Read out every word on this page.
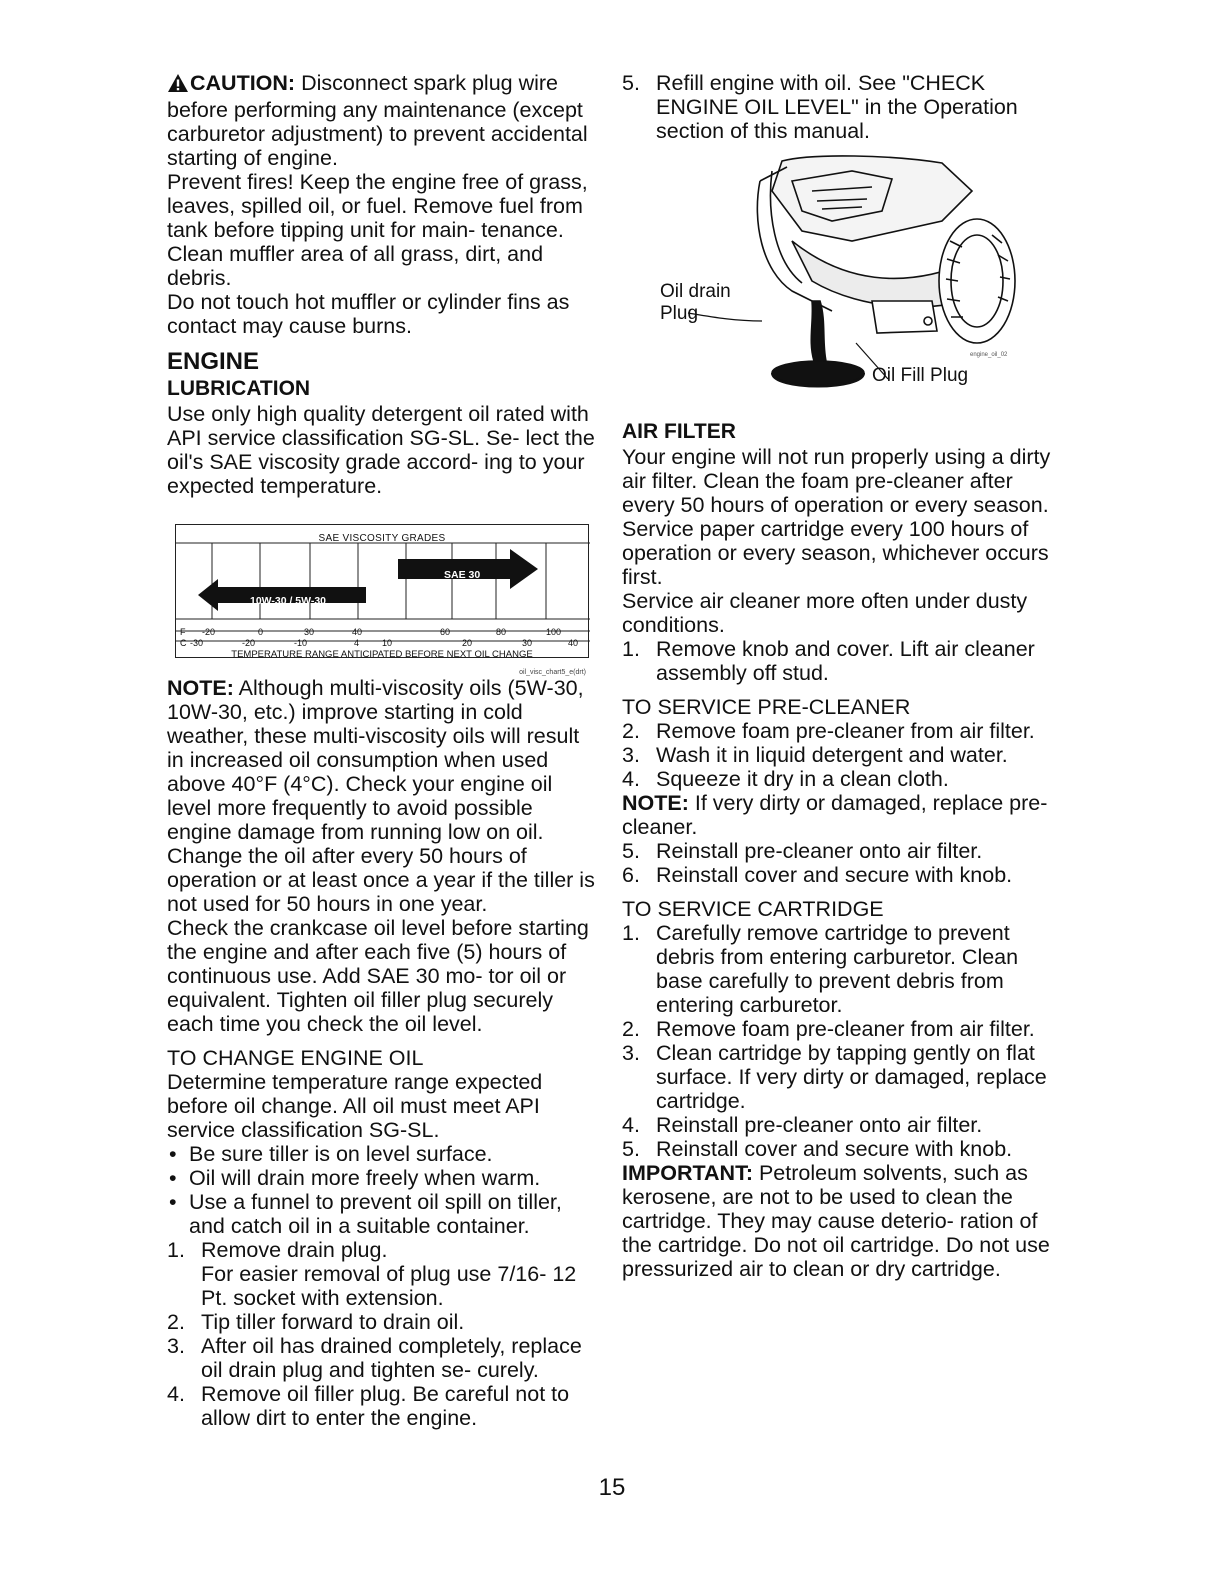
CAUTION: Disconnect spark plug wire before performing any maintenance (except carburetor adjustment) to prevent accidental starting of engine.

Prevent fires! Keep the engine free of grass, leaves, spilled oil, or fuel. Remove fuel from tank before tipping unit for main- tenance. Clean muffler area of all grass, dirt, and debris.

Do not touch hot muffler or cylinder fins as contact may cause burns.

ENGINE

LUBRICATION

Use only high quality detergent oil rated with API service classification SG-SL. Se- lect the oil's SAE viscosity grade accord- ing to your expected temperature.

SAE VISCOSITY GRADES
SAE 30
10W-30 / 5W-30
F -20	0	30	40	60	80	100
C -30	-20	-10	4	10	20	30	40
TEMPERATURE RANGE ANTICIPATED BEFORE NEXT OIL CHANGE
oil_visc_chart5_e(drt)

NOTE: Although multi-viscosity oils (5W-30, 10W-30, etc.) improve starting in cold weather, these multi-viscosity oils will result in increased oil consumption when used above 40°F (4°C). Check your engine oil level more frequently to avoid possible engine damage from running low on oil.

Change the oil after every 50 hours of operation or at least once a year if the tiller is not used for 50 hours in one year.

Check the crankcase oil level before starting the engine and after each five (5) hours of continuous use. Add SAE 30 mo- tor oil or equivalent. Tighten oil filler plug securely each time you check the oil level.

TO CHANGE ENGINE OIL

Determine temperature range expected before oil change. All oil must meet API service classification SG-SL.

• Be sure tiller is on level surface.
• Oil will drain more freely when warm.
• Use a funnel to prevent oil spill on tiller, and catch oil in a suitable container.
1. Remove drain plug.
For easier removal of plug use 7/16- 12 Pt. socket with extension.
2. Tip tiller forward to drain oil.
3. After oil has drained completely, replace oil drain plug and tighten se- curely.
4. Remove oil filler plug. Be careful not to allow dirt to enter the engine.
5. Refill engine with oil. See "CHECK ENGINE OIL LEVEL" in the Operation section of this manual.
Oil drain
Plug
Oil Fill Plug
engine_oil_02

AIR FILTER

Your engine will not run properly using a dirty air filter. Clean the foam pre-cleaner after every 50 hours of operation or every season. Service paper cartridge every 100 hours of operation or every season, whichever occurs first.

Service air cleaner more often under dusty conditions.

1. Remove knob and cover. Lift air cleaner assembly off stud.

TO SERVICE PRE-CLEANER

2. Remove foam pre-cleaner from air filter.
3. Wash it in liquid detergent and water.
4. Squeeze it dry in a clean cloth.

NOTE: If very dirty or damaged, replace pre-cleaner.

5. Reinstall pre-cleaner onto air filter.
6. Reinstall cover and secure with knob.

TO SERVICE CARTRIDGE

1. Carefully remove cartridge to prevent debris from entering carburetor. Clean base carefully to prevent debris from entering carburetor.
2. Remove foam pre-cleaner from air filter.
3. Clean cartridge by tapping gently on flat surface. If very dirty or damaged, replace cartridge.
4. Reinstall pre-cleaner onto air filter.
5. Reinstall cover and secure with knob.

IMPORTANT: Petroleum solvents, such as kerosene, are not to be used to clean the cartridge. They may cause deterio- ration of the cartridge. Do not oil cartridge. Do not use pressurized air to clean or dry cartridge.

15
